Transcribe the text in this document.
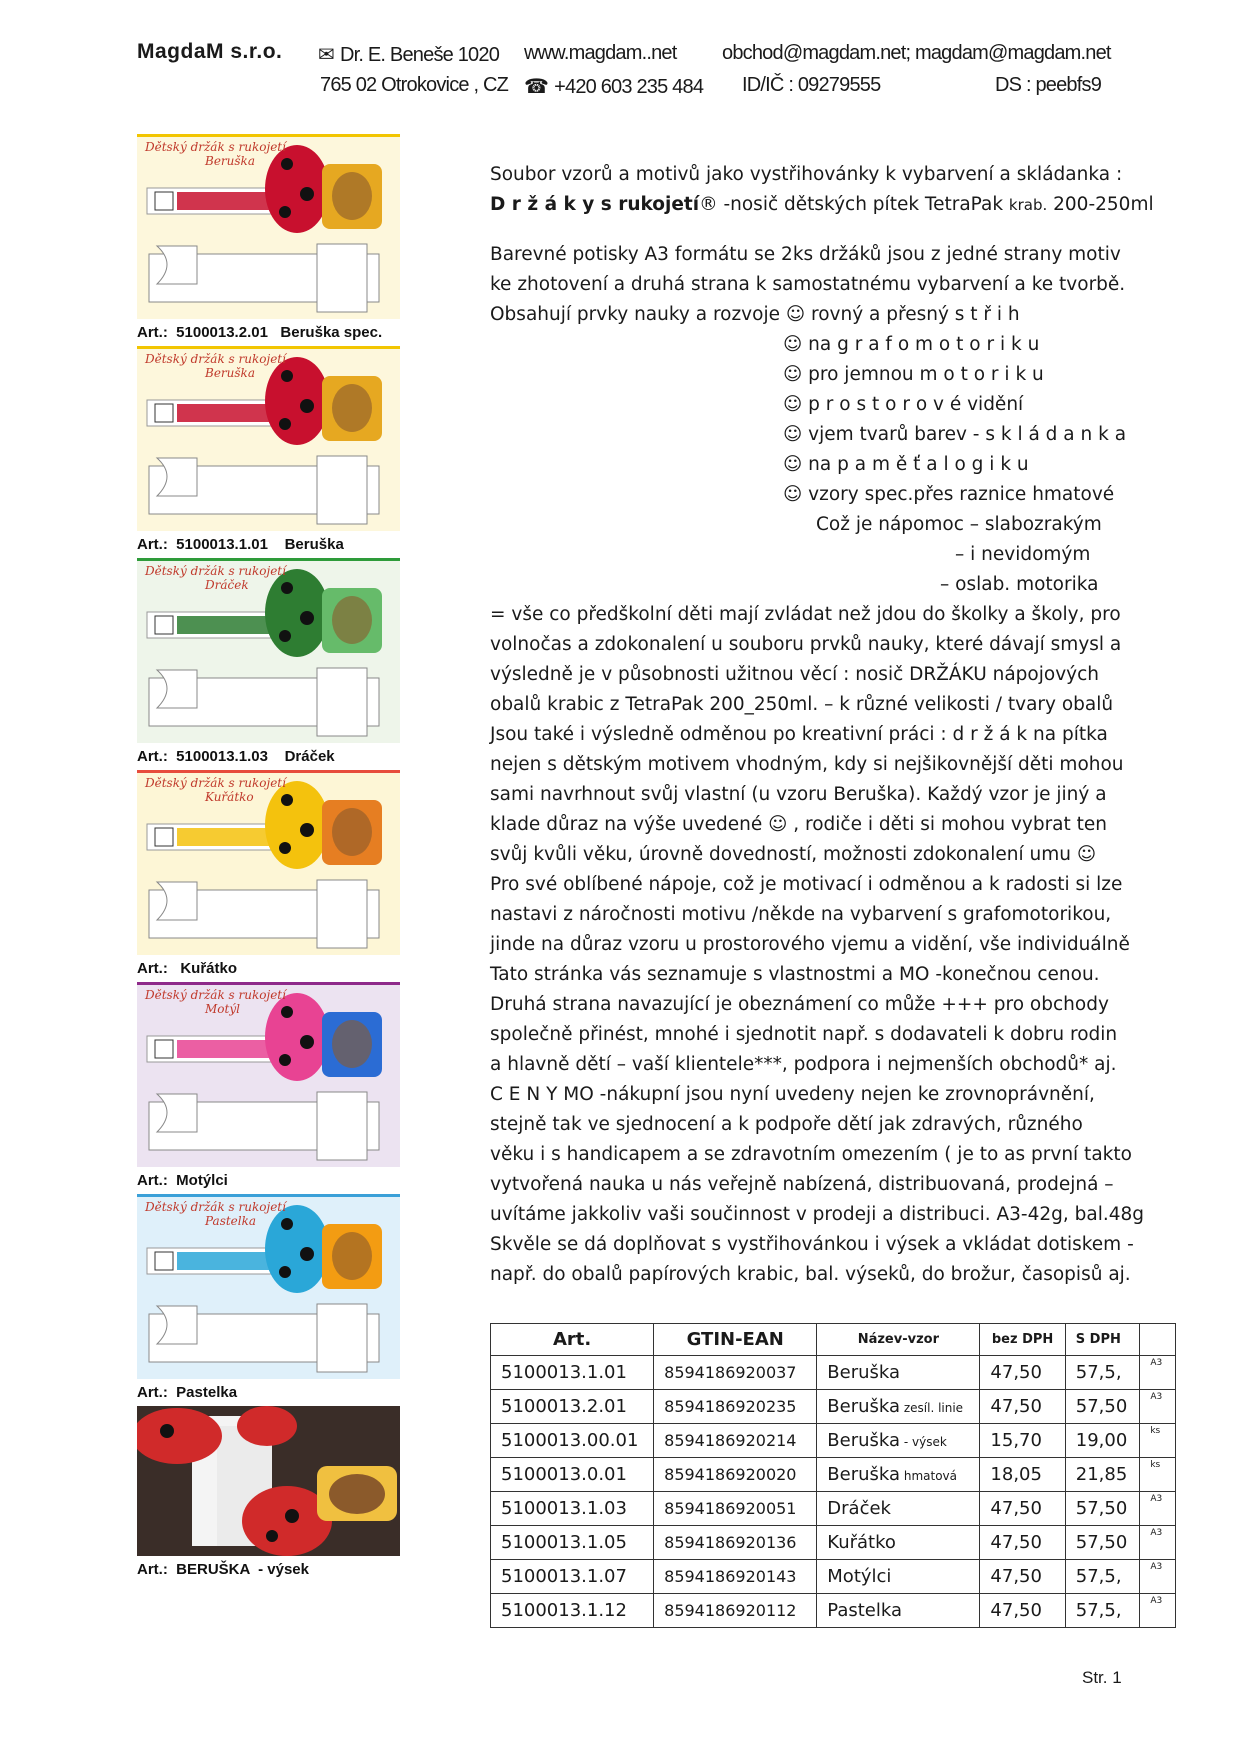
MagdaM s.r.o. ✉ Dr. E. Beneše 1020 www.magdam..net obchod@magdam.net; magdam@magdam.net
765 02 Otrokovice , CZ ☎ +420 603 235 484 ID/IČ : 09279555	DS : peebfs9
Dětský držák s rukojetí
Beruška
Art.:  5100013.2.01   Beruška spec.
Dětský držák s rukojetí
Beruška
Art.:  5100013.1.01    Beruška
Dětský držák s rukojetí
Dráček
Art.:  5100013.1.03    Dráček
Dětský držák s rukojetí
Kuřátko
Art.:   Kuřátko
Dětský držák s rukojetí
Motýl
Art.:  Motýlci
Dětský držák s rukojetí
Pastelka
Art.:  Pastelka

Art.:  BERUŠKA  - výsek
Soubor vzorů a motivů jako vystřihovánky k vybarvení a skládanka :
D r ž á k y s rukojetí® -nosič dětských pítek TetraPak krab. 200-250ml
Barevné potisky A3 formátu se 2ks držáků jsou z jedné strany motiv
ke zhotovení a druhá strana k samostatnému vybarvení a ke tvorbě.
Obsahují prvky nauky a rozvoje ☺ rovný a přesný s t ř i h
☺ na g r a f o m o t o r i k u
☺ pro jemnou m o t o r i k u
☺ p r o s t o r o v é vidění
☺ vjem tvarů barev - s k l á d a n k a
☺ na p a m ě ť a l o g i k u
☺ vzory spec.přes raznice hmatové
Což je nápomoc – slabozrakým
– i nevidomým
– oslab. motorika
= vše co předškolní děti mají zvládat než jdou do školky a školy, pro
volnočas a zdokonalení u souboru prvků nauky, které dávají smysl a
výsledně je v působnosti užitnou věcí : nosič DRŽÁKU nápojových
obalů krabic z TetraPak 200_250ml. – k různé velikosti / tvary obalů
Jsou také i výsledně odměnou po kreativní práci : d r ž á k na pítka
nejen s dětským motivem vhodným, kdy si nejšikovnější děti mohou
sami navrhnout svůj vlastní (u vzoru Beruška). Každý vzor je jiný a
klade důraz na výše uvedené ☺ , rodiče i děti si mohou vybrat ten
svůj kvůli věku, úrovně dovedností, možnosti zdokonalení umu ☺
Pro své oblíbené nápoje, což je motivací i odměnou a k radosti si lze
nastavi z náročnosti motivu /někde na vybarvení s grafomotorikou,
jinde na důraz vzoru u prostorového vjemu a vidění, vše individuálně
Tato stránka vás seznamuje s vlastnostmi a MO -konečnou cenou.
Druhá strana navazující je obeznámení co může +++ pro obchody
společně přinést, mnohé i sjednotit např. s dodavateli k dobru rodin
a hlavně dětí – vaší klientele***, podpora i nejmenších obchodů* aj.
C E N Y MO -nákupní jsou nyní uvedeny nejen ke zrovnoprávnění,
stejně tak ve sjednocení a k podpoře dětí jak zdravých, různého
věku i s handicapem a se zdravotním omezením ( je to as první takto
vytvořená nauka u nás veřejně nabízená, distribuovaná, prodejná –
uvítáme jakkoliv vaši součinnost v prodeji a distribuci. A3-42g, bal.48g
Skvěle se dá doplňovat s vystřihovánkou i výsek a vkládat dotiskem -
např. do obalů papírových krabic, bal. výseků, do brožur, časopisů aj.
Art.	GTIN-EAN	Název-vzor	bez DPH	S DPH	
5100013.1.01	8594186920037	Beruška	47,50	57,5,	A3
5100013.2.01	8594186920235	Beruška zesíl. linie	47,50	57,50	A3
5100013.00.01	8594186920214	Beruška - výsek	15,70	19,00	ks
5100013.0.01	8594186920020	Beruška hmatová	18,05	21,85	ks
5100013.1.03	8594186920051	Dráček	47,50	57,50	A3
5100013.1.05	8594186920136	Kuřátko	47,50	57,50	A3
5100013.1.07	8594186920143	Motýlci	47,50	57,5,	A3
5100013.1.12	8594186920112	Pastelka	47,50	57,5,	A3
Str. 1
